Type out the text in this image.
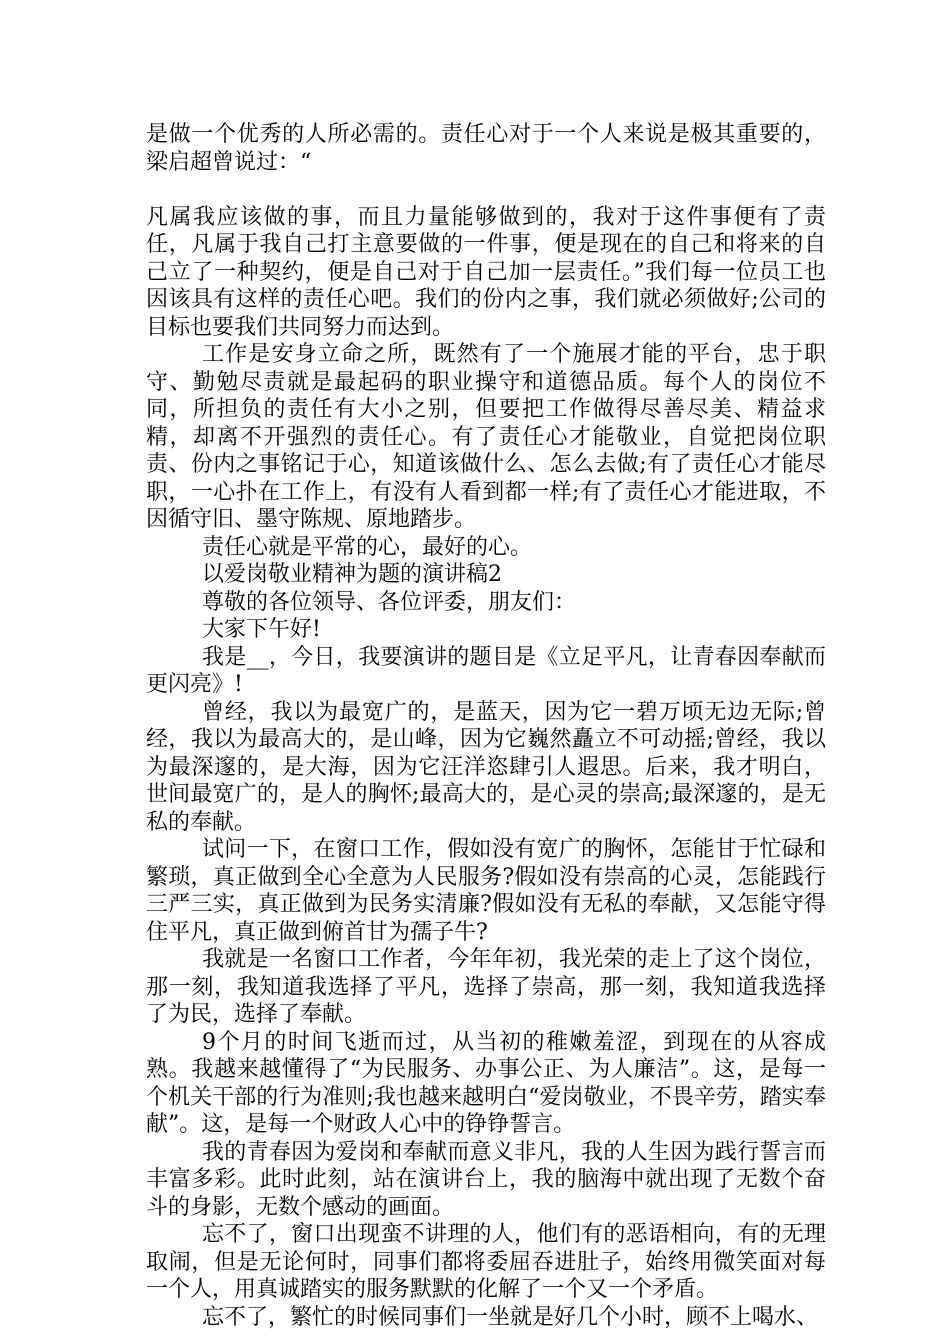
是做一个优秀的人所必需的。责任心对于一个人来说是极其重要的，梁启超曾说过：“

凡属我应该做的事，而且力量能够做到的，我对于这件事便有了责任，凡属于我自己打主意要做的一件事，便是现在的自己和将来的自己立了一种契约，便是自己对于自己加一层责任。”我们每一位员工也因该具有这样的责任心吧。我们的份内之事，我们就必须做好;公司的目标也要我们共同努力而达到。

工作是安身立命之所，既然有了一个施展才能的平台，忠于职守、勤勉尽责就是最起码的职业操守和道德品质。每个人的岗位不同，所担负的责任有大小之别，但要把工作做得尽善尽美、精益求精，却离不开强烈的责任心。有了责任心才能敬业，自觉把岗位职责、份内之事铭记于心，知道该做什么、怎么去做;有了责任心才能尽职，一心扑在工作上，有没有人看到都一样;有了责任心才能进取，不因循守旧、墨守陈规、原地踏步。

责任心就是平常的心，最好的心。

以爱岗敬业精神为题的演讲稿2

尊敬的各位领导、各位评委，朋友们：

大家下午好!

我是__，今日，我要演讲的题目是《立足平凡，让青春因奉献而更闪亮》!

曾经，我以为最宽广的，是蓝天，因为它一碧万顷无边无际;曾经，我以为最高大的，是山峰，因为它巍然矗立不可动摇;曾经，我以为最深邃的，是大海，因为它汪洋恣肆引人遐思。后来，我才明白，世间最宽广的，是人的胸怀;最高大的，是心灵的崇高;最深邃的，是无私的奉献。

试问一下，在窗口工作，假如没有宽广的胸怀，怎能甘于忙碌和繁琐，真正做到全心全意为人民服务?假如没有崇高的心灵，怎能践行三严三实，真正做到为民务实清廉?假如没有无私的奉献，又怎能守得住平凡，真正做到俯首甘为孺子牛?

我就是一名窗口工作者，今年年初，我光荣的走上了这个岗位，那一刻，我知道我选择了平凡，选择了崇高，那一刻，我知道我选择了为民，选择了奉献。

9个月的时间飞逝而过，从当初的稚嫩羞涩，到现在的从容成熟。我越来越懂得了“为民服务、办事公正、为人廉洁”。这，是每一个机关干部的行为准则;我也越来越明白“爱岗敬业，不畏辛劳，踏实奉献”。这，是每一个财政人心中的铮铮誓言。

我的青春因为爱岗和奉献而意义非凡，我的人生因为践行誓言而丰富多彩。此时此刻，站在演讲台上，我的脑海中就出现了无数个奋斗的身影，无数个感动的画面。

忘不了，窗口出现蛮不讲理的人，他们有的恶语相向，有的无理取闹，但是无论何时，同事们都将委屈吞进肚子，始终用微笑面对每一个人，用真诚踏实的服务默默的化解了一个又一个矛盾。

忘不了，繁忙的时候同事们一坐就是好几个小时，顾不上喝水、
